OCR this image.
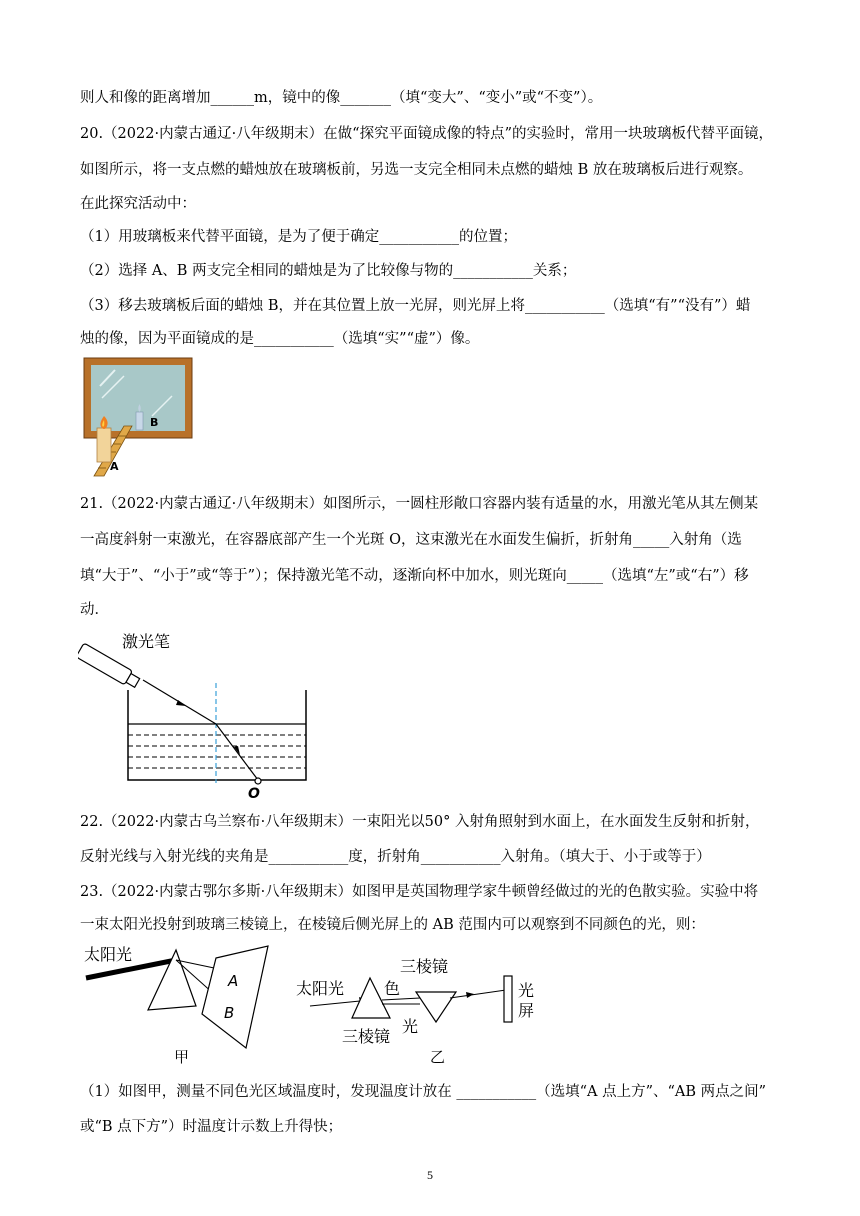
则人和像的距离增加______m，镜中的像_______（填“变大”、“变小”或“不变”）。
20.（2022·内蒙古通辽·八年级期末）在做“探究平面镜成像的特点”的实验时，常用一块玻璃板代替平面镜，
如图所示，将一支点燃的蜡烛放在玻璃板前，另选一支完全相同未点燃的蜡烛 B 放在玻璃板后进行观察。
在此探究活动中：
（1）用玻璃板来代替平面镜，是为了便于确定___________的位置；
（2）选择 A、B 两支完全相同的蜡烛是为了比较像与物的___________关系；
（3）移去玻璃板后面的蜡烛 B，并在其位置上放一光屏，则光屏上将___________（选填“有”“没有”）蜡
烛的像，因为平面镜成的是___________（选填“实”“虚”）像。
B
A
21.（2022·内蒙古通辽·八年级期末）如图所示，一圆柱形敞口容器内装有适量的水，用激光笔从其左侧某
一高度斜射一束激光，在容器底部产生一个光斑 O，这束激光在水面发生偏折，折射角_____入射角（选
填“大于”、“小于”或“等于”）；保持激光笔不动，逐渐向杯中加水，则光斑向_____（选填“左”或“右”）移
动．
激光笔
O
22.（2022·内蒙古乌兰察布·八年级期末）一束阳光以50° 入射角照射到水面上，在水面发生反射和折射，
反射光线与入射光线的夹角是___________度，折射角___________入射角。（填大于、小于或等于）
23.（2022·内蒙古鄂尔多斯·八年级期末）如图甲是英国物理学家牛顿曾经做过的光的色散实验。实验中将
一束太阳光投射到玻璃三棱镜上，在棱镜后侧光屏上的 AB 范围内可以观察到不同颜色的光，则：
太阳光
A
B
甲
太阳光
三棱镜
色
光
三棱镜
光
屏
乙
（1）如图甲，测量不同色光区域温度时，发现温度计放在 ___________（选填“A 点上方”、“AB 两点之间”
或“B 点下方”）时温度计示数上升得快；
5
